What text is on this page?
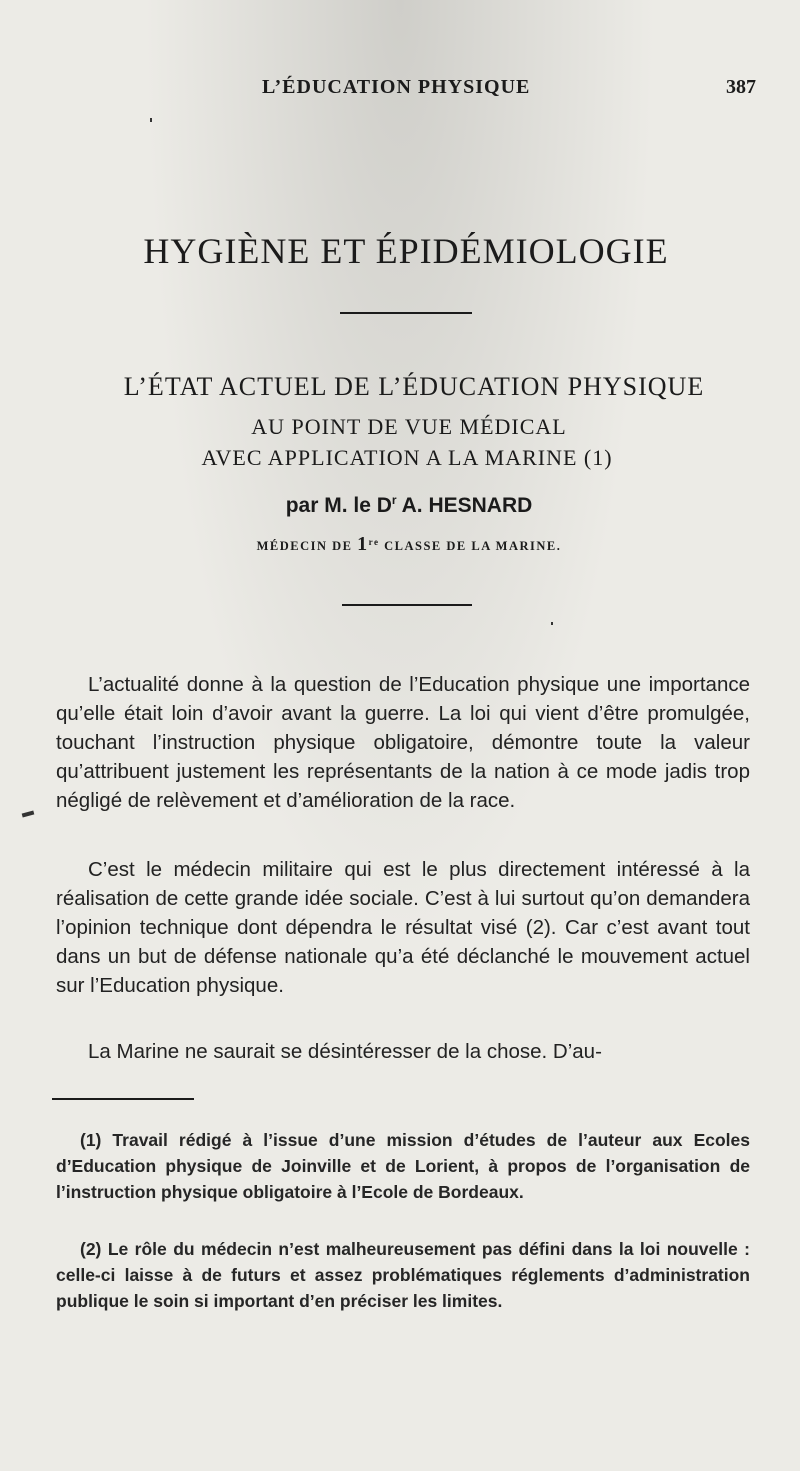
L’ÉDUCATION PHYSIQUE	387
HYGIÈNE ET ÉPIDÉMIOLOGIE
L’ÉTAT ACTUEL DE L’ÉDUCATION PHYSIQUE
AU POINT DE VUE MÉDICAL
AVEC APPLICATION A LA MARINE (1)
par M. le $D^r$ A. HESNARD
MÉDECIN DE 1re CLASSE DE LA MARINE.

L’actualité donne à la question de l’Education physique une importance qu’elle était loin d’avoir avant la guerre. La loi qui vient d’être promulgée, touchant l’instruction physique obligatoire, démontre toute la valeur qu’attribuent justement les représentants de la nation à ce mode jadis trop négligé de relèvement et d’amélioration de la race.

C’est le médecin militaire qui est le plus directement intéressé à la réalisation de cette grande idée sociale. C’est à lui surtout qu’on demandera l’opinion technique dont dépendra le résultat visé (2). Car c’est avant tout dans un but de défense nationale qu’a été déclanché le mouvement actuel sur l’Education physique.

La Marine ne saurait se désintéresser de la chose. D’au-

(1) Travail rédigé à l’issue d’une mission d’études de l’auteur aux Ecoles d’Education physique de Joinville et de Lorient, à propos de l’organisation de l’instruction physique obligatoire à l’Ecole de Bordeaux.

(2) Le rôle du médecin n’est malheureusement pas défini dans la loi nouvelle : celle-ci laisse à de futurs et assez problématiques réglements d’administration publique le soin si important d’en préciser les limites.
